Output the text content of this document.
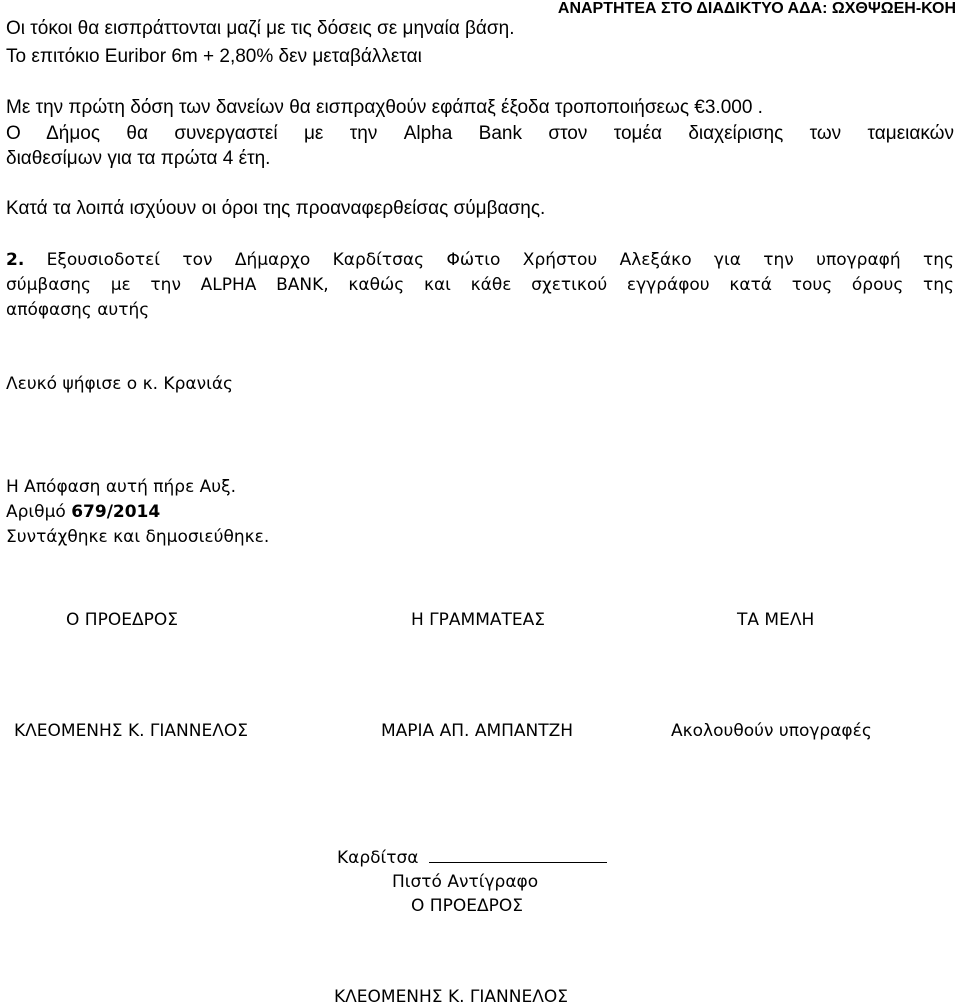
ΑΝΑΡΤΗΤΕΑ ΣΤΟ ΔΙΑΔΙΚΤΥΟ ΑΔΑ: ΩΧΘΨΩΕΗ-ΚΟΗ
Οι τόκοι θα εισπράττονται μαζί με τις δόσεις σε μηναία βάση.
Το επιτόκιο Euribor 6m + 2,80% δεν μεταβάλλεται
Με την πρώτη δόση των δανείων θα εισπραχθούν εφάπαξ έξοδα τροποποιήσεως €3.000 .
Ο Δήμος θα συνεργαστεί με την Alpha Bank στον τομέα διαχείρισης των ταμειακών
διαθεσίμων για τα πρώτα 4 έτη.
Κατά τα λοιπά ισχύουν οι όροι της προαναφερθείσας σύμβασης.
2. Εξουσιοδοτεί τον Δήμαρχο Καρδίτσας Φώτιο Χρήστου Αλεξάκο για την υπογραφή της
σύμβασης με την ALPHA BANK, καθώς και κάθε σχετικού εγγράφου κατά τους όρους της
απόφασης αυτής
Λευκό ψήφισε ο κ. Κρανιάς
Η Απόφαση αυτή πήρε Αυξ.
Αριθμό 679/2014
Συντάχθηκε και δημοσιεύθηκε.
Ο ΠΡΟΕΔΡΟΣ	Η ΓΡΑΜΜΑΤΕΑΣ	ΤΑ ΜΕΛΗ
ΚΛΕΟΜΕΝΗΣ Κ. ΓΙΑΝΝΕΛΟΣ	ΜΑΡΙΑ ΑΠ. ΑΜΠΑΝΤΖΗ	Ακολουθούν υπογραφές
Καρδίτσα
Πιστό Αντίγραφο
Ο ΠΡΟΕΔΡΟΣ
ΚΛΕΟΜΕΝΗΣ Κ. ΓΙΑΝΝΕΛΟΣ
